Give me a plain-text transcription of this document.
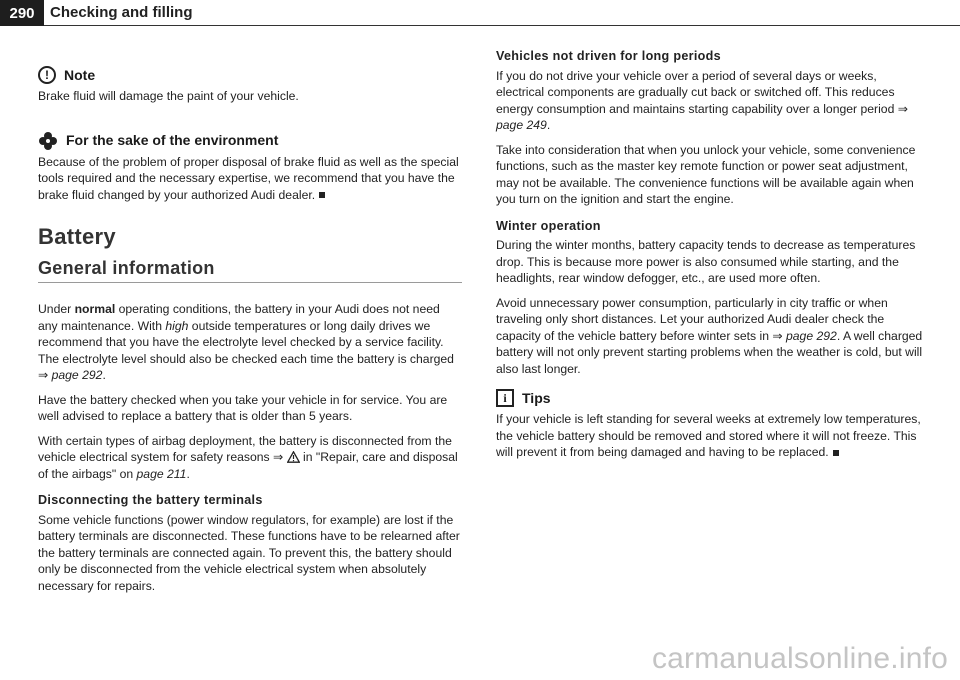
290	Checking and filling
!	Note

Brake fluid will damage the paint of your vehicle.

For the sake of the environment

Because of the problem of proper disposal of brake fluid as well as the special tools required and the necessary expertise, we recommend that you have the brake fluid changed by your authorized Audi dealer.

Battery
General information

Under normal operating conditions, the battery in your Audi does not need any maintenance. With high outside temperatures or long daily drives we recommend that you have the electrolyte level checked by a service facility. The electrolyte level should also be checked each time the battery is charged ⇒ page 292.

Have the battery checked when you take your vehicle in for service. You are well advised to replace a battery that is older than 5 years.

With certain types of airbag deployment, the battery is disconnected from the vehicle electrical system for safety reasons ⇒  in "Repair, care and disposal of the airbags" on page 211.

Disconnecting the battery terminals

Some vehicle functions (power window regulators, for example) are lost if the battery terminals are disconnected. These functions have to be relearned after the battery terminals are connected again. To prevent this, the battery should only be disconnected from the vehicle electrical system when absolutely necessary for repairs.

Vehicles not driven for long periods

If you do not drive your vehicle over a period of several days or weeks, electrical components are gradually cut back or switched off. This reduces energy consumption and maintains starting capability over a longer period ⇒ page 249.

Take into consideration that when you unlock your vehicle, some convenience functions, such as the master key remote function or power seat adjustment, may not be available. The convenience functions will be available again when you turn on the ignition and start the engine.

Winter operation

During the winter months, battery capacity tends to decrease as temperatures drop. This is because more power is also consumed while starting, and the headlights, rear window defogger, etc., are used more often.

Avoid unnecessary power consumption, particularly in city traffic or when traveling only short distances. Let your authorized Audi dealer check the capacity of the vehicle battery before winter sets in ⇒ page 292. A well charged battery will not only prevent starting problems when the weather is cold, but will also last longer.

i	Tips

If your vehicle is left standing for several weeks at extremely low temperatures, the vehicle battery should be removed and stored where it will not freeze. This will prevent it from being damaged and having to be replaced.

carmanualsonline.info
